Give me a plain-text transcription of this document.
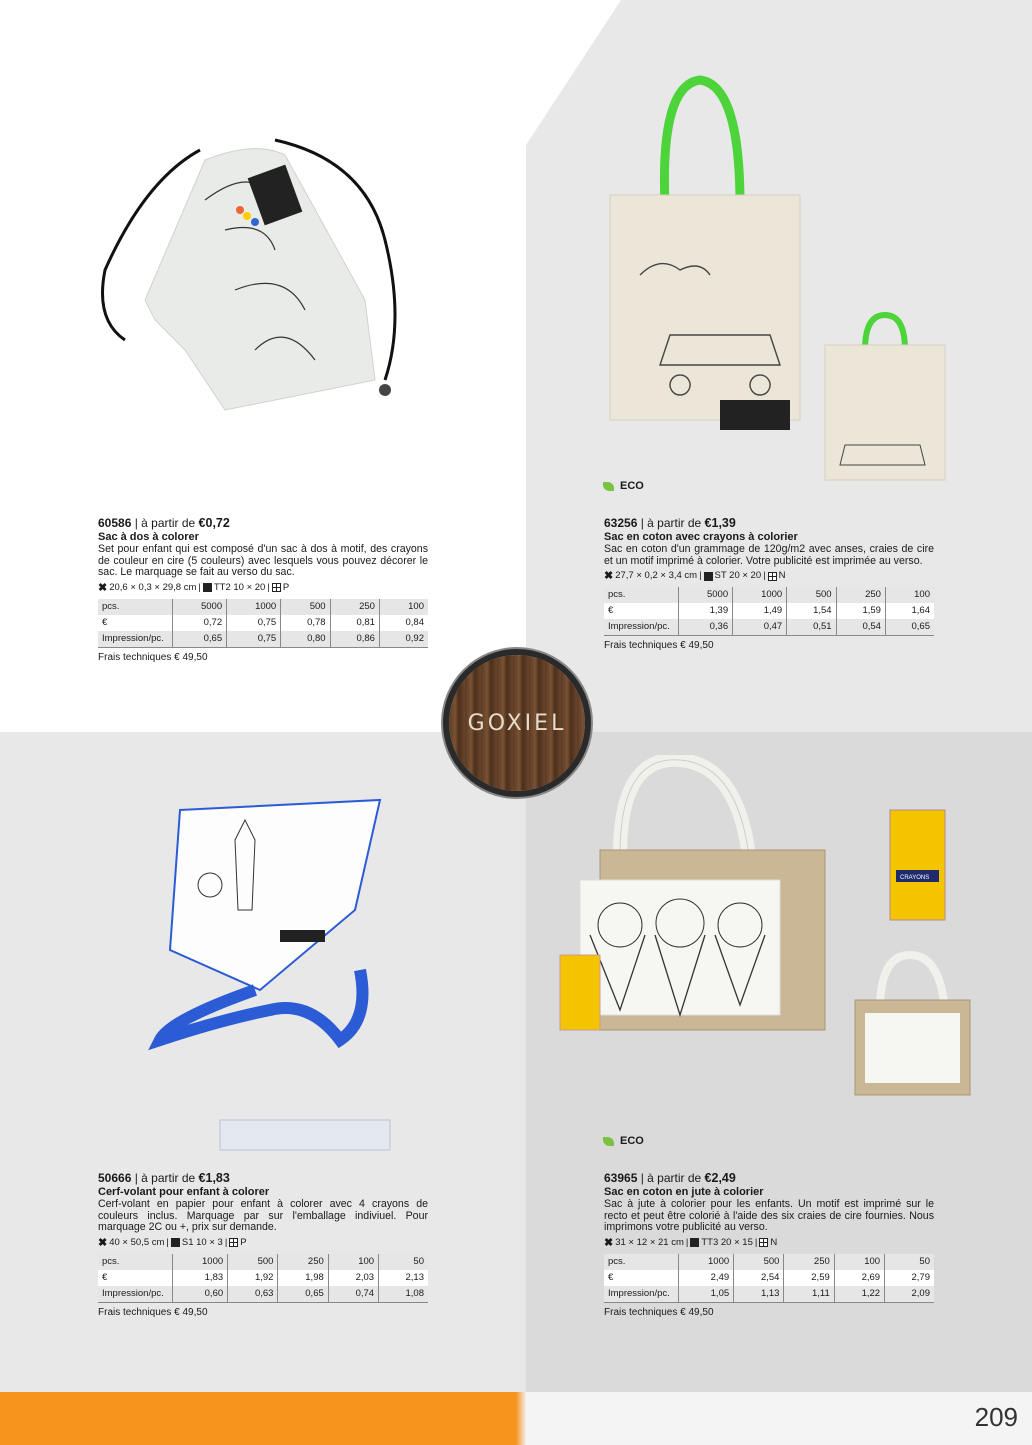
CRAYONS
GOXIEL
ECO
ECO
60586 | à partir de €0,72
Sac à dos à colorer
Set pour enfant qui est composé d'un sac à dos à motif, des crayons de couleur en cire (5 couleurs) avec lesquels vous pouvez décorer le sac. Le marquage se fait au verso du sac.
✖ 20,6 × 0,3 × 29,8 cm | TT2 10 × 20 | P
pcs.	5000	1000	500	250	100
€	0,72	0,75	0,78	0,81	0,84
Impression/pc.	0,65	0,75	0,80	0,86	0,92
Frais techniques € 49,50
63256 | à partir de €1,39
Sac en coton avec crayons à colorier
Sac en coton d'un grammage de 120g/m2 avec anses, craies de cire et un motif imprimé à colorier. Votre publicité est imprimée au verso.
✖ 27,7 × 0,2 × 3,4 cm | ST 20 × 20 | N
pcs.	5000	1000	500	250	100
€	1,39	1,49	1,54	1,59	1,64
Impression/pc.	0,36	0,47	0,51	0,54	0,65
Frais techniques € 49,50
50666 | à partir de €1,83
Cerf-volant pour enfant à colorer
Cerf-volant en papier pour enfant à colorer avec 4 crayons de couleurs inclus. Marquage par sur l'emballage indiviuel. Pour marquage 2C ou +, prix sur demande.
✖ 40 × 50,5 cm | S1 10 × 3 | P
pcs.	1000	500	250	100	50
€	1,83	1,92	1,98	2,03	2,13
Impression/pc.	0,60	0,63	0,65	0,74	1,08
Frais techniques € 49,50
63965 | à partir de €2,49
Sac en coton en jute à colorier
Sac à jute à colorier pour les enfants. Un motif est imprimé sur le recto et peut être colorié à l'aide des six craies de cire fournies. Nous imprimons votre publicité au verso.
✖ 31 × 12 × 21 cm | TT3 20 × 15 | N
pcs.	1000	500	250	100	50
€	2,49	2,54	2,59	2,69	2,79
Impression/pc.	1,05	1,13	1,11	1,22	2,09
Frais techniques € 49,50
209
